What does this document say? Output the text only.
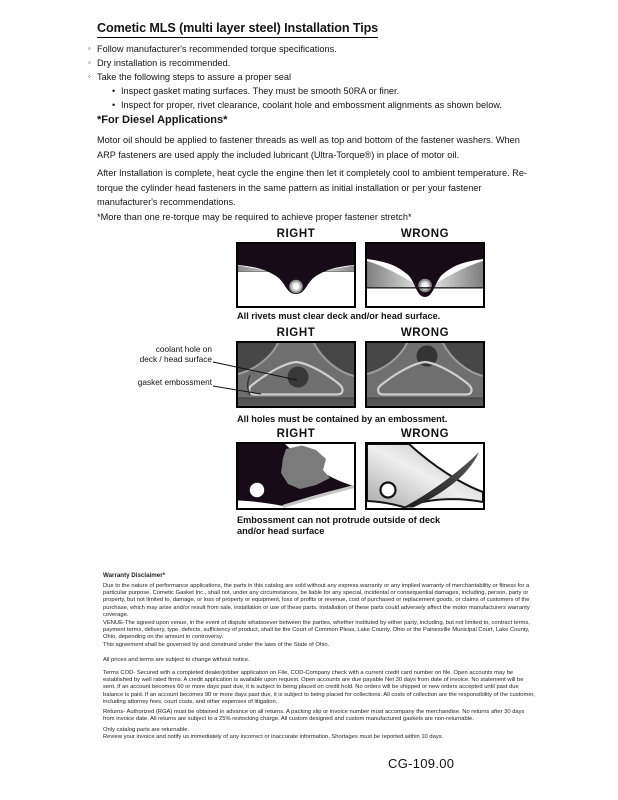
Cometic MLS (multi layer steel) Installation Tips
◦ Follow manufacturer's recommended torque specifications.
◦ Dry installation is recommended.
◦ Take the following steps to assure a proper seal
• Inspect gasket mating surfaces. They must be smooth 50RA or finer.
• Inspect for proper, rivet clearance, coolant hole and embossment alignments as shown below.
*For Diesel Applications*
Motor oil should be applied to fastener threads as well as top and bottom of the fastener washers. When ARP fasteners are used apply the included lubricant (Ultra-Torque®) in place of motor oil.
After Installation is complete, heat cycle the engine then let it completely cool to ambient temperature. Re-torque the cylinder head fasteners in the same pattern as initial installation or per your fastener manufacturer's recommendations.
*More than one re-torque may be required to achieve proper fastener stretch*
RIGHT	WRONG
All rivets must clear deck and/or head surface.
RIGHT	WRONG
coolant hole on
deck / head surface
gasket embossment
All holes must be contained by an embossment.
RIGHT	WRONG
Embossment can not protrude outside of deck
and/or head surface
Warranty Disclaimer*
Due to the nature of performance applications, the parts in this catalog are sold without any express warranty or any implied warranty of merchantability or fitness for a particular purpose. Cometic Gasket Inc., shall not, under any circumstances, be liable for any special, incidental or consequential damages, including, person, party or property, but not limited to, damage, or loss of property or equipment, loss of profits or revenue, cost of purchased or replacement goods, or claims of customers of the purchase, which may arise and/or result from sale, installation or use of these parts. Installation of these parts could adversely affect the motor manufacturers warranty coverage.
VENUE-The agreed upon venue, in the event of dispute whatsoever between the parties, whether instituted by either party, including, but not limited to, contract terms, payment terms, delivery, type, defects, sufficiency of product, shall be the Court of Common Pleas, Lake County, Ohio or the Painesville Municipal Court, Lake County, Ohio, depending on the amount in controversy.
This agreement shall be governed by and construed under the laws of the State of Ohio.
All prices and terms are subject to change without notice.
Terms COD- Secured with a completed dealer/jobber application on File, COD-Company check with a current credit card number on file. Open accounts may be established by well rated firms. A credit application is available upon request. Open accounts are due payable Net 30 days from date of invoice. No statement will be sent. If an account becomes 60 or more days past due, it is subject to being placed on credit hold. No orders will be shipped or new orders accepted until past due balance is paid. If an account becomes 90 or more days past due, it is subject to being placed for collections. All costs of collection are the responsibility of the customer, including attorney fees, court costs, and other expenses of litigation.
Returns- Authorized (RGA) must be obtained in advance on all returns. A packing slip or invoice number must accompany the merchandise. No returns after 30 days from invoice date. All returns are subject to a 25% restocking charge. All custom designed and custom manufactured gaskets are non-returnable.
Only catalog parts are returnable.
Review your invoice and notify us immediately of any incorrect or inaccurate information. Shortages must be reported within 10 days.
CG-109.00
